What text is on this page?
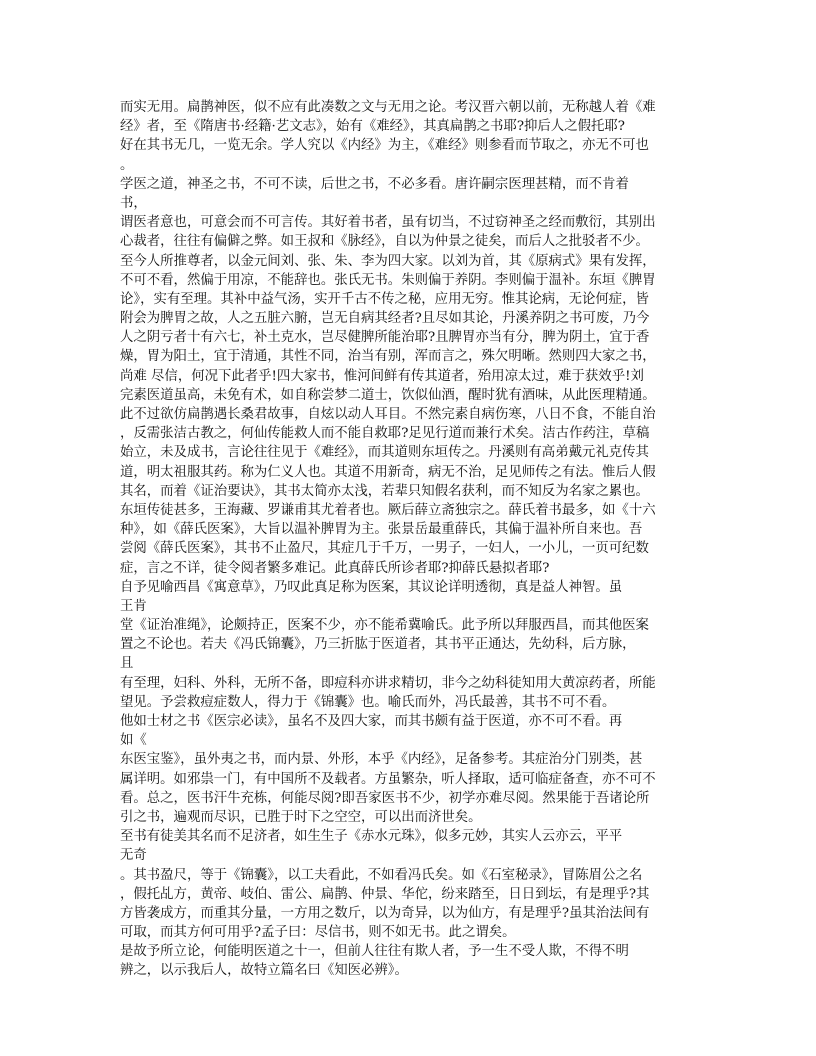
而实无用。扁鹊神医，似不应有此凑数之文与无用之论。考汉晋六朝以前，无称越人着《难
经》者，至《隋唐书·经籍·艺文志》，始有《难经》，其真扁鹊之书耶?抑后人之假托耶?
好在其书无几，一览无余。学人究以《内经》为主，《难经》则参看而节取之，亦无不可也
。
学医之道，神圣之书，不可不读，后世之书，不必多看。唐许嗣宗医理甚精，而不肯着
书，
谓医者意也，可意会而不可言传。其好着书者，虽有切当，不过窃神圣之经而敷衍，其别出
心裁者，往往有偏僻之弊。如王叔和《脉经》，自以为仲景之徒矣，而后人之批驳者不少。
至今人所推尊者，以金元间刘、张、朱、李为四大家。以刘为首，其《原病式》果有发挥，
不可不看，然偏于用凉，不能辞也。张氏无书。朱则偏于养阴。李则偏于温补。东垣《脾胃
论》，实有至理。其补中益气汤，实开千古不传之秘，应用无穷。惟其论病，无论何症，皆
附会为脾胃之故，人之五脏六腑，岂无自病其经者?且尽如其论，丹溪养阴之书可废，乃今
人之阴亏者十有六七，补土克水，岂尽健脾所能治耶?且脾胃亦当有分，脾为阴土，宜于香
燥，胃为阳土，宜于清通，其性不同，治当有别，浑而言之，殊欠明晰。然则四大家之书，
尚难 尽信，何况下此者乎!四大家书，惟河间鲜有传其道者，殆用凉太过，难于获效乎!刘
完素医道虽高，未免有术，如自称尝梦二道士，饮似仙酒，醒时犹有酒味，从此医理精通。
此不过欲仿扁鹊遇长桑君故事，自炫以动人耳目。不然完素自病伤寒，八日不食，不能自治
，反需张洁古教之，何仙传能救人而不能自救耶?足见行道而兼行术矣。洁古作药注，草稿
始立，未及成书，言论往往见于《难经》，而其道则东垣传之。丹溪则有高弟戴元礼克传其
道，明太祖服其药。称为仁义人也。其道不用新奇，病无不治，足见师传之有法。惟后人假
其名，而着《证治要诀》，其书太简亦太浅，若辈只知假名获利，而不知反为名家之累也。
东垣传徒甚多，王海藏、罗谦甫其尤着者也。厥后薛立斋独宗之。薛氏着书最多，如《十六
种》，如《薛氏医案》，大旨以温补脾胃为主。张景岳最重薛氏，其偏于温补所自来也。吾
尝阅《薛氏医案》，其书不止盈尺，其症几于千万，一男子，一妇人，一小儿，一页可纪数
症，言之不详，徒令阅者繁多难记。此真薛氏所诊者耶?抑薛氏悬拟者耶?
自予见喻西昌《寓意草》，乃叹此真足称为医案，其议论详明透彻，真是益人神智。虽
王肯
堂《证治准绳》，论颇持正，医案不少，亦不能希冀喻氏。此予所以拜服西昌，而其他医案
置之不论也。若夫《冯氏锦囊》，乃三折肱于医道者，其书平正通达，先幼科，后方脉，
且
有至理，妇科、外科，无所不备，即痘科亦讲求精切，非今之幼科徒知用大黄凉药者，所能
望见。予尝救痘症数人，得力于《锦囊》也。喻氏而外，冯氏最善，其书不可不看。
他如士材之书《医宗必读》，虽名不及四大家，而其书颇有益于医道，亦不可不看。再
如《
东医宝鉴》，虽外夷之书，而内景、外形，本乎《内经》，足备参考。其症治分门别类，甚
属详明。如邪祟一门，有中国所不及载者。方虽繁杂，听人择取，适可临症备查，亦不可不
看。总之，医书汗牛充栋，何能尽阅?即吾家医书不少，初学亦难尽阅。然果能于吾诸论所
引之书，遍观而尽识，已胜于时下之空空，可以出而济世矣。
至书有徒美其名而不足济者，如生生子《赤水元珠》，似多元妙，其实人云亦云，平平
无奇
。其书盈尺，等于《锦囊》，以工夫看此，不如看冯氏矣。如《石室秘录》，冒陈眉公之名
，假托乩方，黄帝、岐伯、雷公、扁鹊、仲景、华佗，纷来踏至，日日到坛，有是理乎?其
方皆袭成方，而重其分量，一方用之数斤，以为奇异，以为仙方，有是理乎?虽其治法间有
可取，而其方何可用乎?孟子曰：尽信书，则不如无书。此之谓矣。
是故予所立论，何能明医道之十一，但前人往往有欺人者，予一生不受人欺，不得不明
辨之，以示我后人，故特立篇名曰《知医必辨》。
